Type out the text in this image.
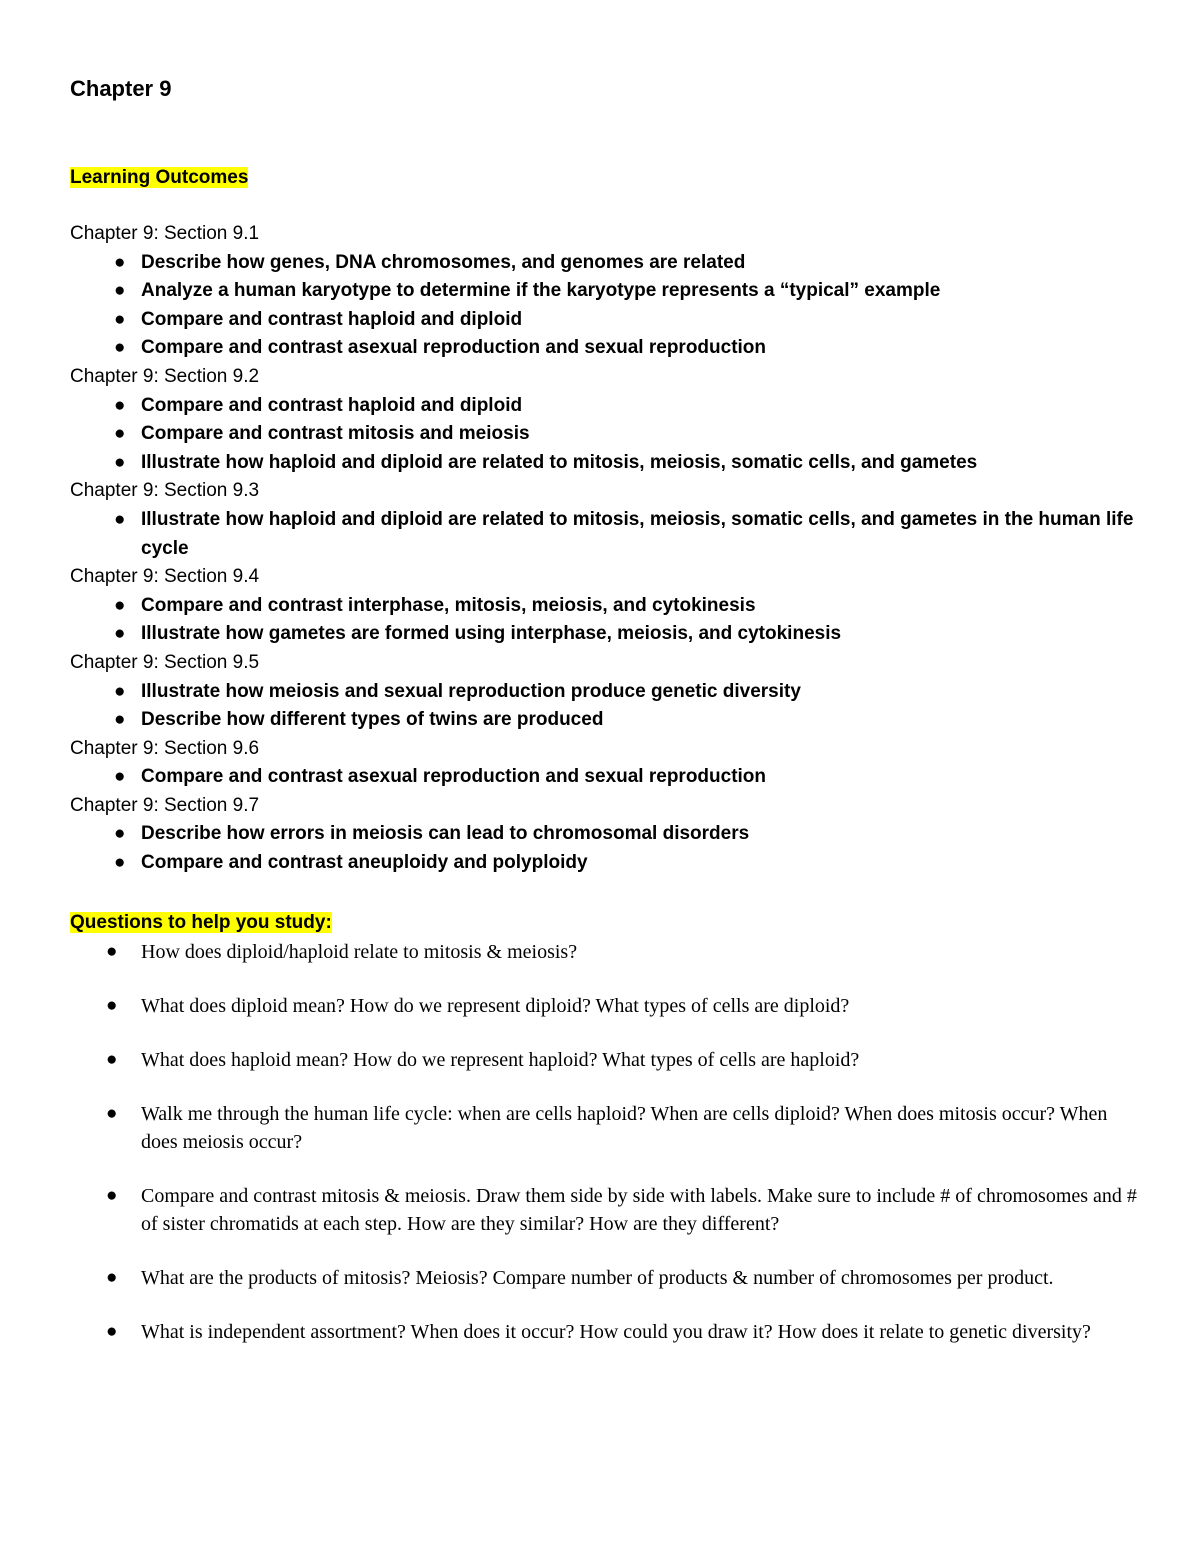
Chapter 9
Learning Outcomes
Chapter 9: Section 9.1
● Describe how genes, DNA chromosomes, and genomes are related
● Analyze a human karyotype to determine if the karyotype represents a “typical” example
● Compare and contrast haploid and diploid
● Compare and contrast asexual reproduction and sexual reproduction
Chapter 9: Section 9.2
● Compare and contrast haploid and diploid
● Compare and contrast mitosis and meiosis
● Illustrate how haploid and diploid are related to mitosis, meiosis, somatic cells, and gametes
Chapter 9: Section 9.3
● Illustrate how haploid and diploid are related to mitosis, meiosis, somatic cells, and gametes in the human life cycle
Chapter 9: Section 9.4
● Compare and contrast interphase, mitosis, meiosis, and cytokinesis
● Illustrate how gametes are formed using interphase, meiosis, and cytokinesis
Chapter 9: Section 9.5
● Illustrate how meiosis and sexual reproduction produce genetic diversity
● Describe how different types of twins are produced
Chapter 9: Section 9.6
● Compare and contrast asexual reproduction and sexual reproduction
Chapter 9: Section 9.7
● Describe how errors in meiosis can lead to chromosomal disorders
● Compare and contrast aneuploidy and polyploidy
Questions to help you study:
● How does diploid/haploid relate to mitosis & meiosis?
● What does diploid mean? How do we represent diploid? What types of cells are diploid?
● What does haploid mean? How do we represent haploid? What types of cells are haploid?
● Walk me through the human life cycle: when are cells haploid? When are cells diploid? When does mitosis occur? When does meiosis occur?
● Compare and contrast mitosis & meiosis. Draw them side by side with labels. Make sure to include # of chromosomes and # of sister chromatids at each step. How are they similar? How are they different?
● What are the products of mitosis? Meiosis? Compare number of products & number of chromosomes per product.
● What is independent assortment? When does it occur? How could you draw it? How does it relate to genetic diversity?
